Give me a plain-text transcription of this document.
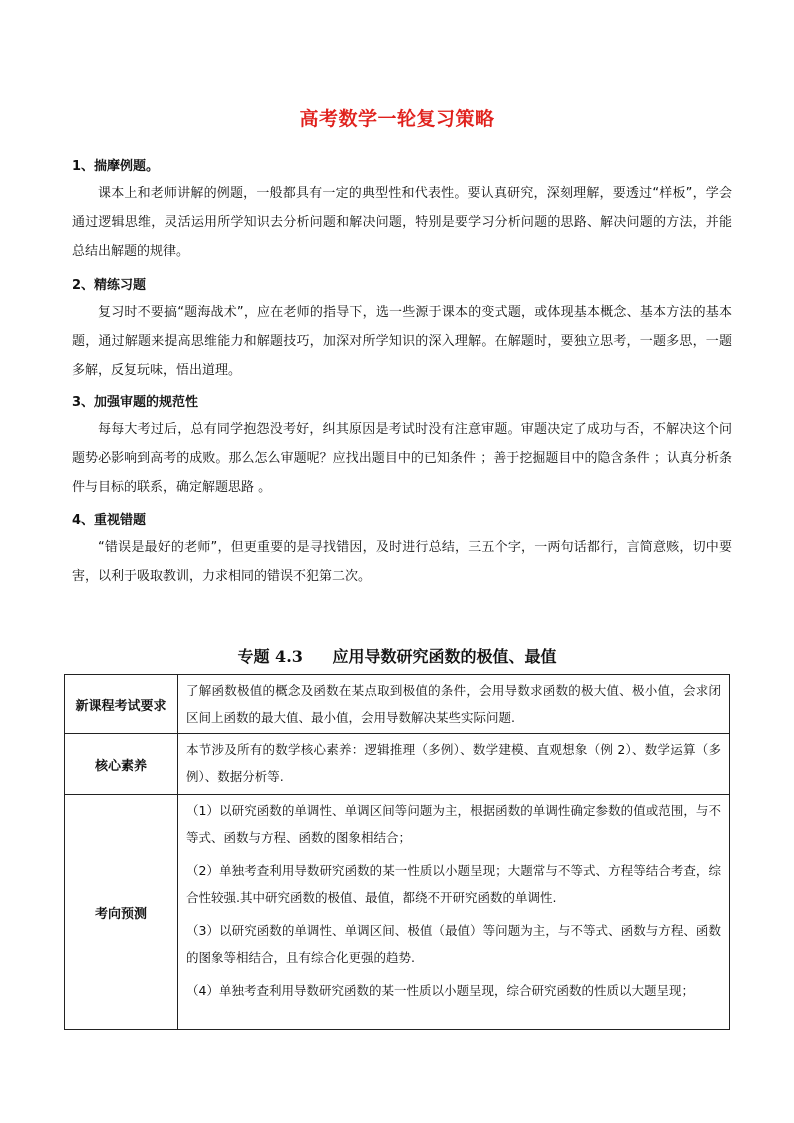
高考数学一轮复习策略
1、揣摩例题。

课本上和老师讲解的例题，一般都具有一定的典型性和代表性。要认真研究，深刻理解，要透过“样板”，学会通过逻辑思维，灵活运用所学知识去分析问题和解决问题，特别是要学习分析问题的思路、解决问题的方法，并能总结出解题的规律。

2、精练习题

复习时不要搞“题海战术”，应在老师的指导下，选一些源于课本的变式题，或体现基本概念、基本方法的基本题，通过解题来提高思维能力和解题技巧，加深对所学知识的深入理解。在解题时，要独立思考，一题多思，一题多解，反复玩味，悟出道理。

3、加强审题的规范性

每每大考过后，总有同学抱怨没考好，纠其原因是考试时没有注意审题。审题决定了成功与否，不解决这个问题势必影响到高考的成败。那么怎么审题呢？应找出题目中的已知条件 ；善于挖掘题目中的隐含条件 ；认真分析条件与目标的联系，确定解题思路 。

4、重视错题

“错误是最好的老师”，但更重要的是寻找错因，及时进行总结，三五个字，一两句话都行，言简意赅，切中要害，以利于吸取教训，力求相同的错误不犯第二次。

专题 4.3 应用导数研究函数的极值、最值
新课程考试要求	了解函数极值的概念及函数在某点取到极值的条件，会用导数求函数的极大值、极小值，会求闭区间上函数的最大值、最小值，会用导数解决某些实际问题.

核心素养	本节涉及所有的数学核心素养：逻辑推理（多例）、数学建模、直观想象（例 2）、数学运算（多例）、数据分析等.

考向预测	（1）以研究函数的单调性、单调区间等问题为主，根据函数的单调性确定参数的值或范围，与不等式、函数与方程、函数的图象相结合；
（2）单独考查利用导数研究函数的某一性质以小题呈现；大题常与不等式、方程等结合考查，综合性较强.其中研究函数的极值、最值，都绕不开研究函数的单调性.
（3）以研究函数的单调性、单调区间、极值（最值）等问题为主，与不等式、函数与方程、函数的图象等相结合，且有综合化更强的趋势.
（4）单独考查利用导数研究函数的某一性质以小题呈现，综合研究函数的性质以大题呈现；
